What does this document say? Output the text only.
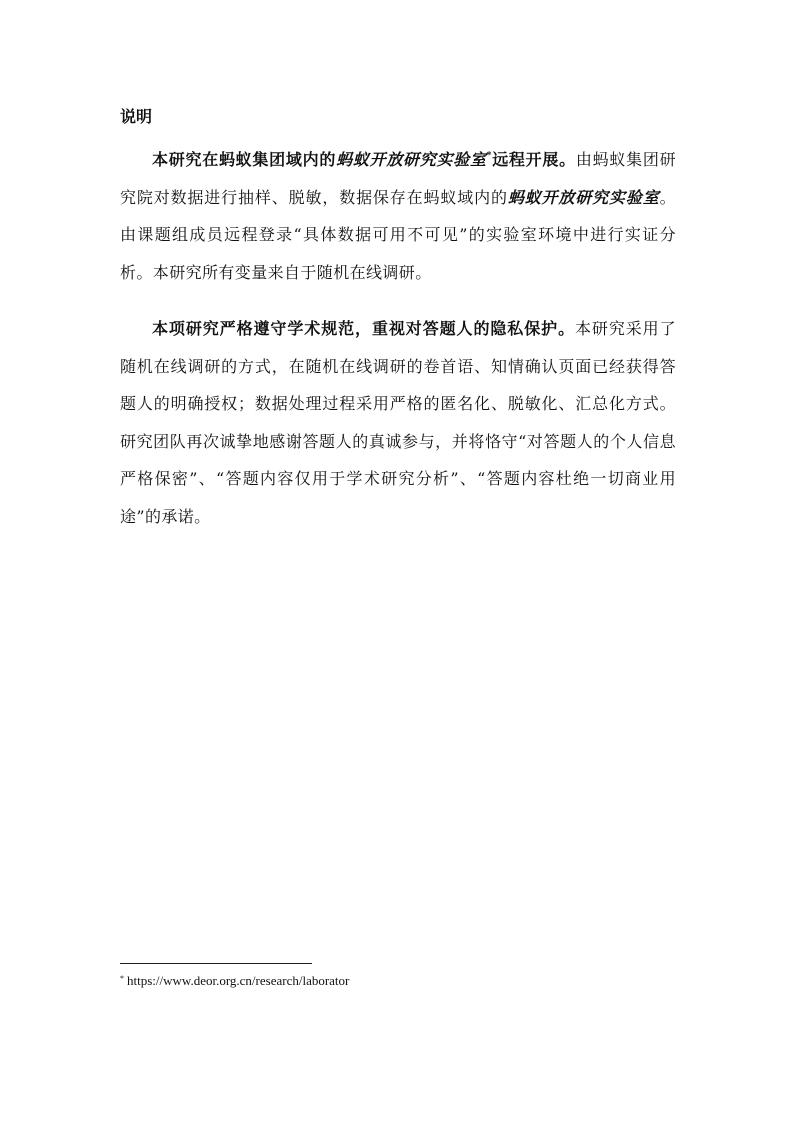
说明

本研究在蚂蚁集团域内的蚂蚁开放研究实验室*远程开展。由蚂蚁集团研究院对数据进行抽样、脱敏，数据保存在蚂蚁域内的蚂蚁开放研究实验室。由课题组成员远程登录“具体数据可用不可见”的实验室环境中进行实证分析。本研究所有变量来自于随机在线调研。

本项研究严格遵守学术规范，重视对答题人的隐私保护。本研究采用了随机在线调研的方式，在随机在线调研的卷首语、知情确认页面已经获得答题人的明确授权；数据处理过程采用严格的匿名化、脱敏化、汇总化方式。研究团队再次诚挚地感谢答题人的真诚参与，并将恪守“对答题人的个人信息严格保密”、“答题内容仅用于学术研究分析”、“答题内容杜绝一切商业用途”的承诺。

* https://www.deor.org.cn/research/laborator
